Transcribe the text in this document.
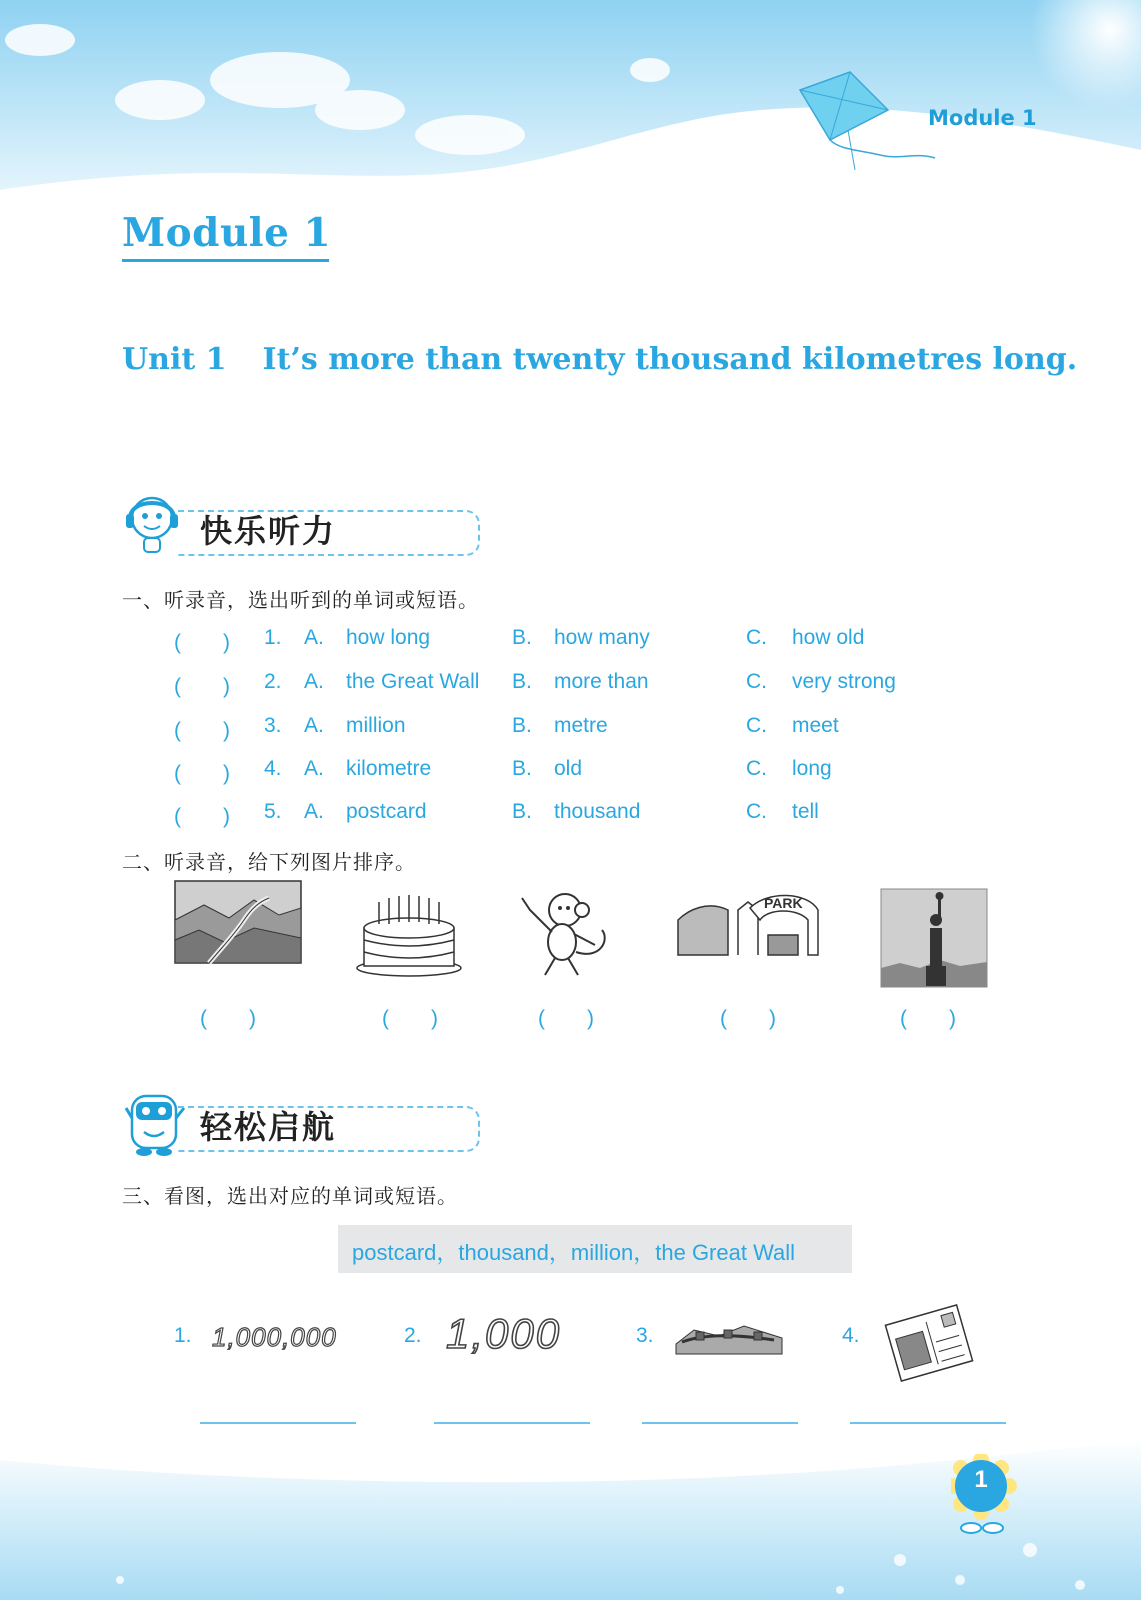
Module 1
Module 1
Unit 1 It’s more than twenty thousand kilometres long.
快乐听力
一、听录音，选出听到的单词或短语。
(　　) 1. A. how long	B. how many	C. how old
(　　) 2. A. the Great Wall B. more than	C. very strong
(　　) 3. A. million	B. metre	C. meet
(　　) 4. A. kilometre	B. old	C. long
(　　) 5. A. postcard	B. thousand	C. tell
二、听录音，给下列图片排序。
PARK
(　　)	(　　)	(　　)	(　　)	(　　)
轻松启航
三、看图，选出对应的单词或短语。
postcard，thousand，million，the Great Wall
1. 1,000,000	2. 1,000	3.	4.
1
